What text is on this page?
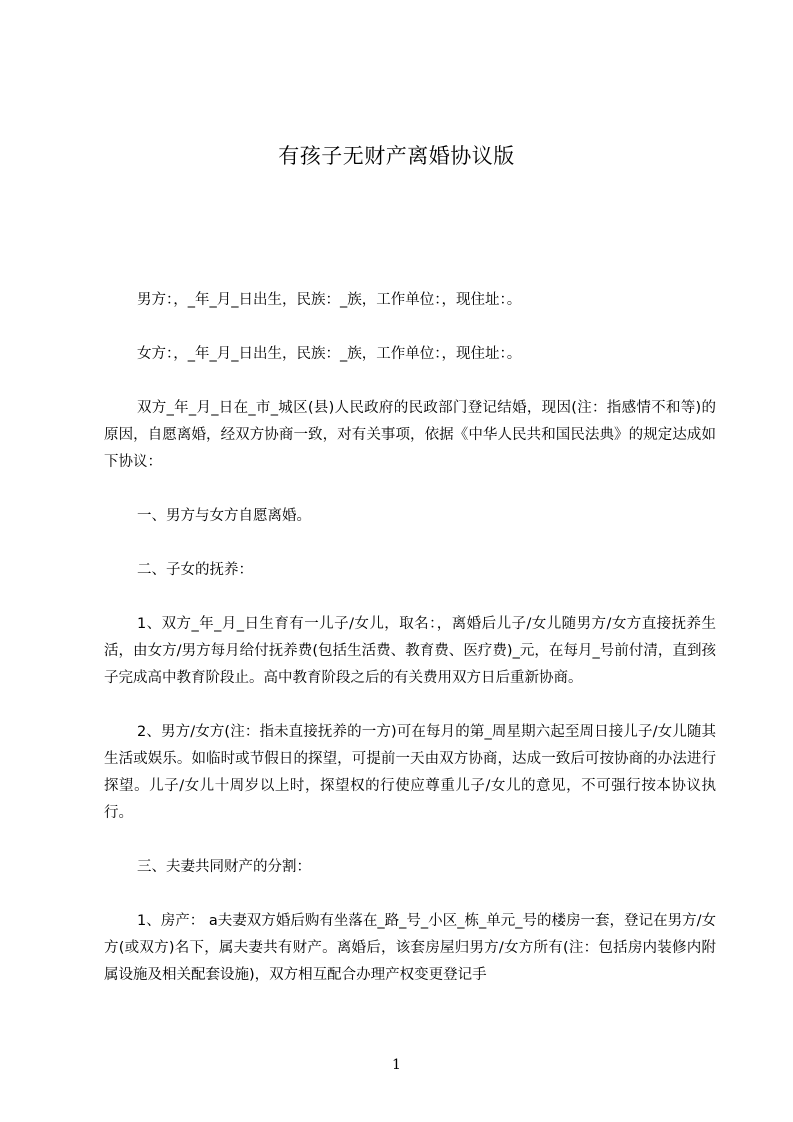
有孩子无财产离婚协议版

男方：，_年_月_日出生，民族：_族，工作单位：，现住址：。

女方：，_年_月_日出生，民族：_族，工作单位：，现住址：。

双方_年_月_日在_市_城区(县)人民政府的民政部门登记结婚，现因(注：指感情不和等)的原因，自愿离婚，经双方协商一致，对有关事项，依据《中华人民共和国民法典》的规定达成如下协议：

一、男方与女方自愿离婚。

二、子女的抚养：

1、双方_年_月_日生育有一儿子/女儿，取名：，离婚后儿子/女儿随男方/女方直接抚养生活，由女方/男方每月给付抚养费(包括生活费、教育费、医疗费)_元，在每月_号前付清，直到孩子完成高中教育阶段止。高中教育阶段之后的有关费用双方日后重新协商。

2、男方/女方(注：指未直接抚养的一方)可在每月的第_周星期六起至周日接儿子/女儿随其生活或娱乐。如临时或节假日的探望，可提前一天由双方协商，达成一致后可按协商的办法进行探望。儿子/女儿十周岁以上时，探望权的行使应尊重儿子/女儿的意见，不可强行按本协议执行。

三、夫妻共同财产的分割：

1、房产： a夫妻双方婚后购有坐落在_路_号_小区_栋_单元_号的楼房一套，登记在男方/女方(或双方)名下，属夫妻共有财产。离婚后，该套房屋归男方/女方所有(注：包括房内装修内附属设施及相关配套设施)，双方相互配合办理产权变更登记手

1
